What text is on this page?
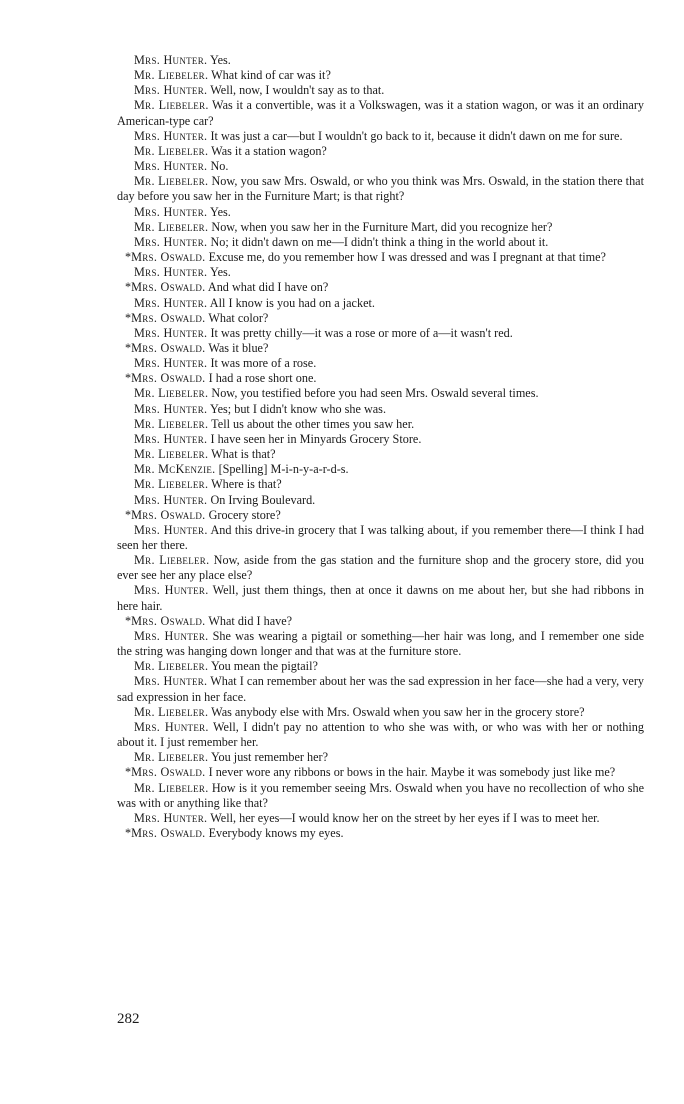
Mrs. Hunter. Yes.

Mr. Liebeler. What kind of car was it?

Mrs. Hunter. Well, now, I wouldn't say as to that.

Mr. Liebeler. Was it a convertible, was it a Volkswagen, was it a station wagon, or was it an ordinary American-type car?

Mrs. Hunter. It was just a car—but I wouldn't go back to it, because it didn't dawn on me for sure.

Mr. Liebeler. Was it a station wagon?

Mrs. Hunter. No.

Mr. Liebeler. Now, you saw Mrs. Oswald, or who you think was Mrs. Oswald, in the station there that day before you saw her in the Furniture Mart; is that right?

Mrs. Hunter. Yes.

Mr. Liebeler. Now, when you saw her in the Furniture Mart, did you recognize her?

Mrs. Hunter. No; it didn't dawn on me—I didn't think a thing in the world about it.

*Mrs. Oswald. Excuse me, do you remember how I was dressed and was I pregnant at that time?

Mrs. Hunter. Yes.

*Mrs. Oswald. And what did I have on?

Mrs. Hunter. All I know is you had on a jacket.

*Mrs. Oswald. What color?

Mrs. Hunter. It was pretty chilly—it was a rose or more of a—it wasn't red.

*Mrs. Oswald. Was it blue?

Mrs. Hunter. It was more of a rose.

*Mrs. Oswald. I had a rose short one.

Mr. Liebeler. Now, you testified before you had seen Mrs. Oswald several times.

Mrs. Hunter. Yes; but I didn't know who she was.

Mr. Liebeler. Tell us about the other times you saw her.

Mrs. Hunter. I have seen her in Minyards Grocery Store.

Mr. Liebeler. What is that?

Mr. McKenzie. [Spelling] M-i-n-y-a-r-d-s.

Mr. Liebeler. Where is that?

Mrs. Hunter. On Irving Boulevard.

*Mrs. Oswald. Grocery store?

Mrs. Hunter. And this drive-in grocery that I was talking about, if you remember there—I think I had seen her there.

Mr. Liebeler. Now, aside from the gas station and the furniture shop and the grocery store, did you ever see her any place else?

Mrs. Hunter. Well, just them things, then at once it dawns on me about her, but she had ribbons in here hair.

*Mrs. Oswald. What did I have?

Mrs. Hunter. She was wearing a pigtail or something—her hair was long, and I remember one side the string was hanging down longer and that was at the furniture store.

Mr. Liebeler. You mean the pigtail?

Mrs. Hunter. What I can remember about her was the sad expression in her face—she had a very, very sad expression in her face.

Mr. Liebeler. Was anybody else with Mrs. Oswald when you saw her in the grocery store?

Mrs. Hunter. Well, I didn't pay no attention to who she was with, or who was with her or nothing about it. I just remember her.

Mr. Liebeler. You just remember her?

*Mrs. Oswald. I never wore any ribbons or bows in the hair. Maybe it was somebody just like me?

Mr. Liebeler. How is it you remember seeing Mrs. Oswald when you have no recollection of who she was with or anything like that?

Mrs. Hunter. Well, her eyes—I would know her on the street by her eyes if I was to meet her.

*Mrs. Oswald. Everybody knows my eyes.

282
